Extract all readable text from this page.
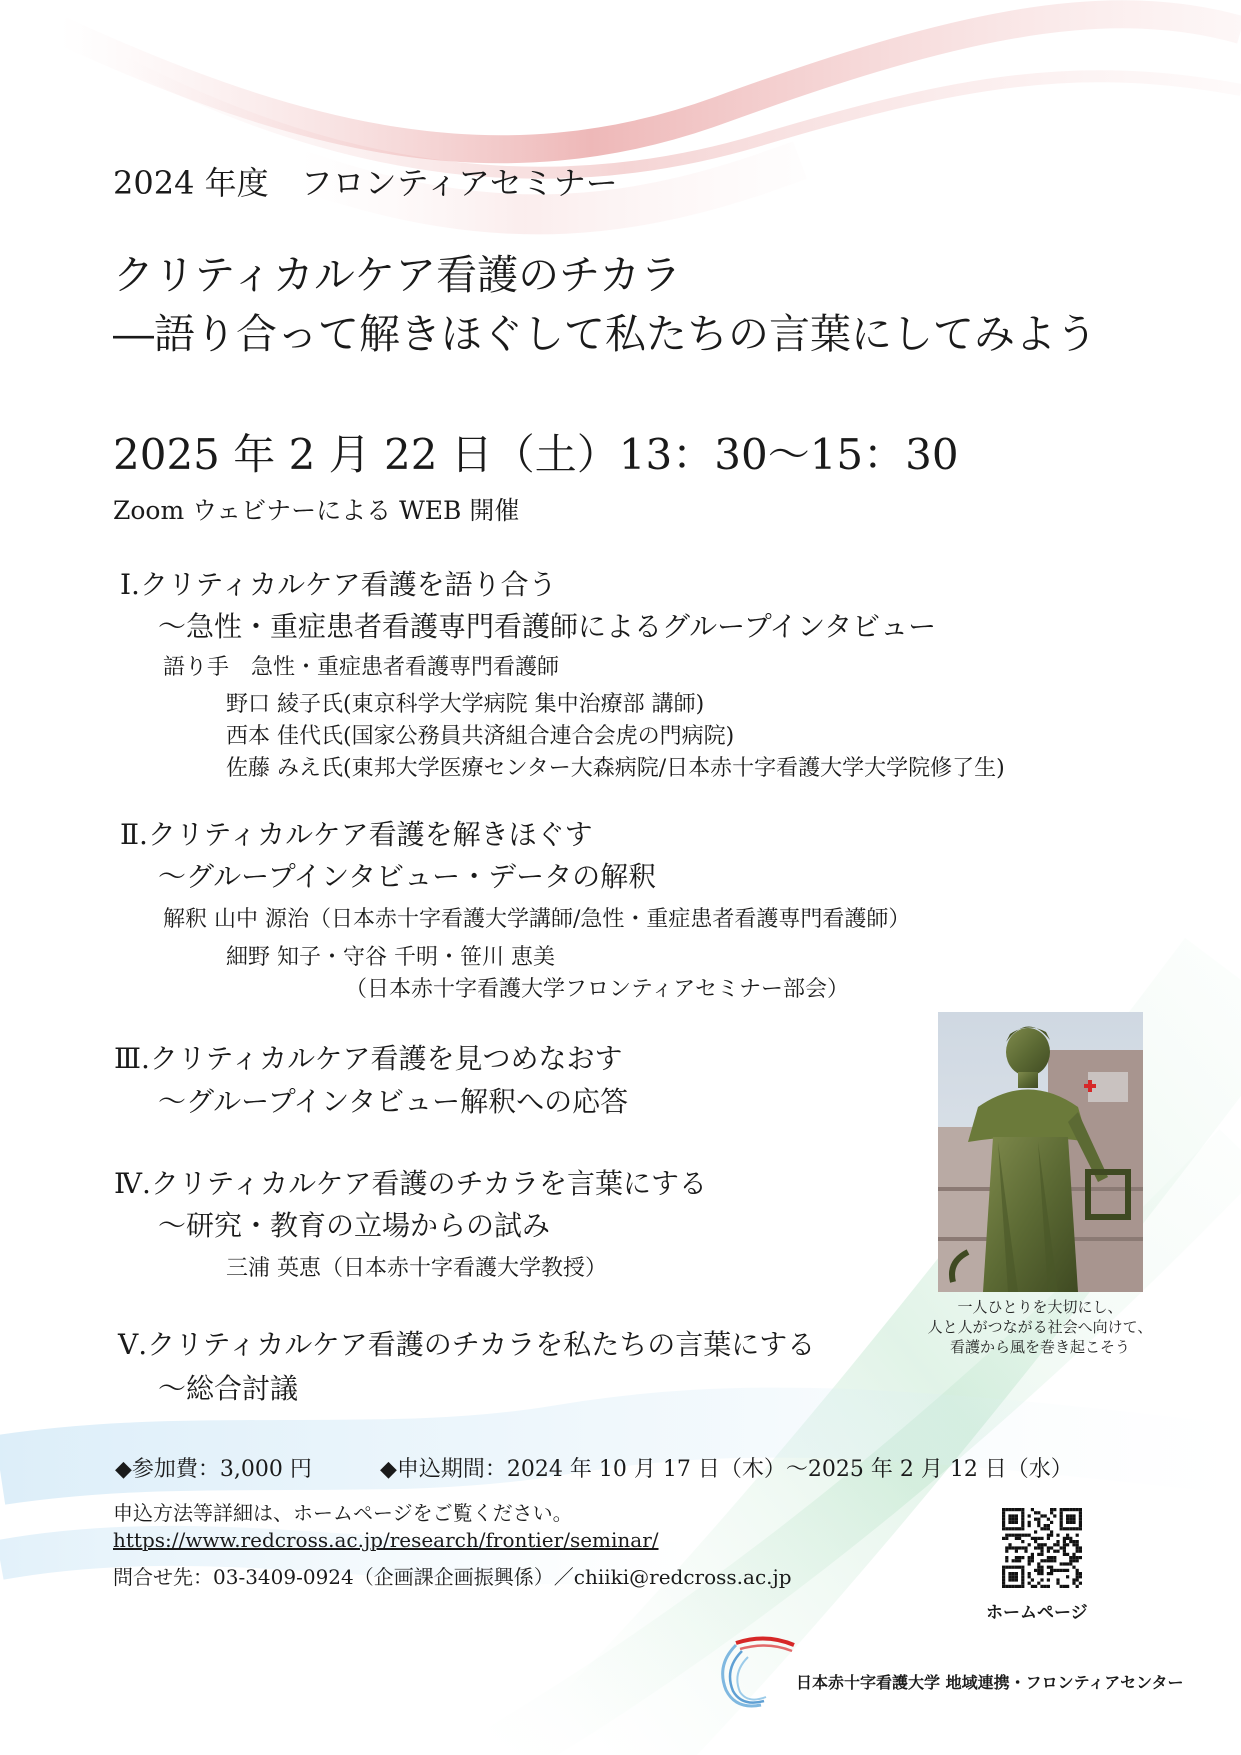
2024 年度　フロンティアセミナー
クリティカルケア看護のチカラ
―語り合って解きほぐして私たちの言葉にしてみよう
2025 年 2 月 22 日（土）13：30～15：30
Zoom ウェビナーによる WEB 開催
Ⅰ.クリティカルケア看護を語り合う
～急性・重症患者看護専門看護師によるグループインタビュー
語り手　急性・重症患者看護専門看護師
野口 綾子氏(東京科学大学病院 集中治療部 講師)
西本 佳代氏(国家公務員共済組合連合会虎の門病院)
佐藤 みえ氏(東邦大学医療センター大森病院/日本赤十字看護大学大学院修了生)
Ⅱ.クリティカルケア看護を解きほぐす
～グループインタビュー・データの解釈
解釈 山中 源治（日本赤十字看護大学講師/急性・重症患者看護専門看護師）
細野 知子・守谷 千明・笹川 恵美
（日本赤十字看護大学フロンティアセミナー部会）
Ⅲ.クリティカルケア看護を見つめなおす
～グループインタビュー解釈への応答
Ⅳ.クリティカルケア看護のチカラを言葉にする
～研究・教育の立場からの試み
三浦 英恵（日本赤十字看護大学教授）
Ⅴ.クリティカルケア看護のチカラを私たちの言葉にする
～総合討議
一人ひとりを大切にし、
人と人がつながる社会へ向けて、
看護から風を巻き起こそう
◆参加費：3,000 円	◆申込期間：2024 年 10 月 17 日（木）～2025 年 2 月 12 日（水）
申込方法等詳細は、ホームページをご覧ください。
https://www.redcross.ac.jp/research/frontier/seminar/
問合せ先：03-3409-0924（企画課企画振興係）／chiiki@redcross.ac.jp
ホームページ
日本赤十字看護大学 地域連携・フロンティアセンター
